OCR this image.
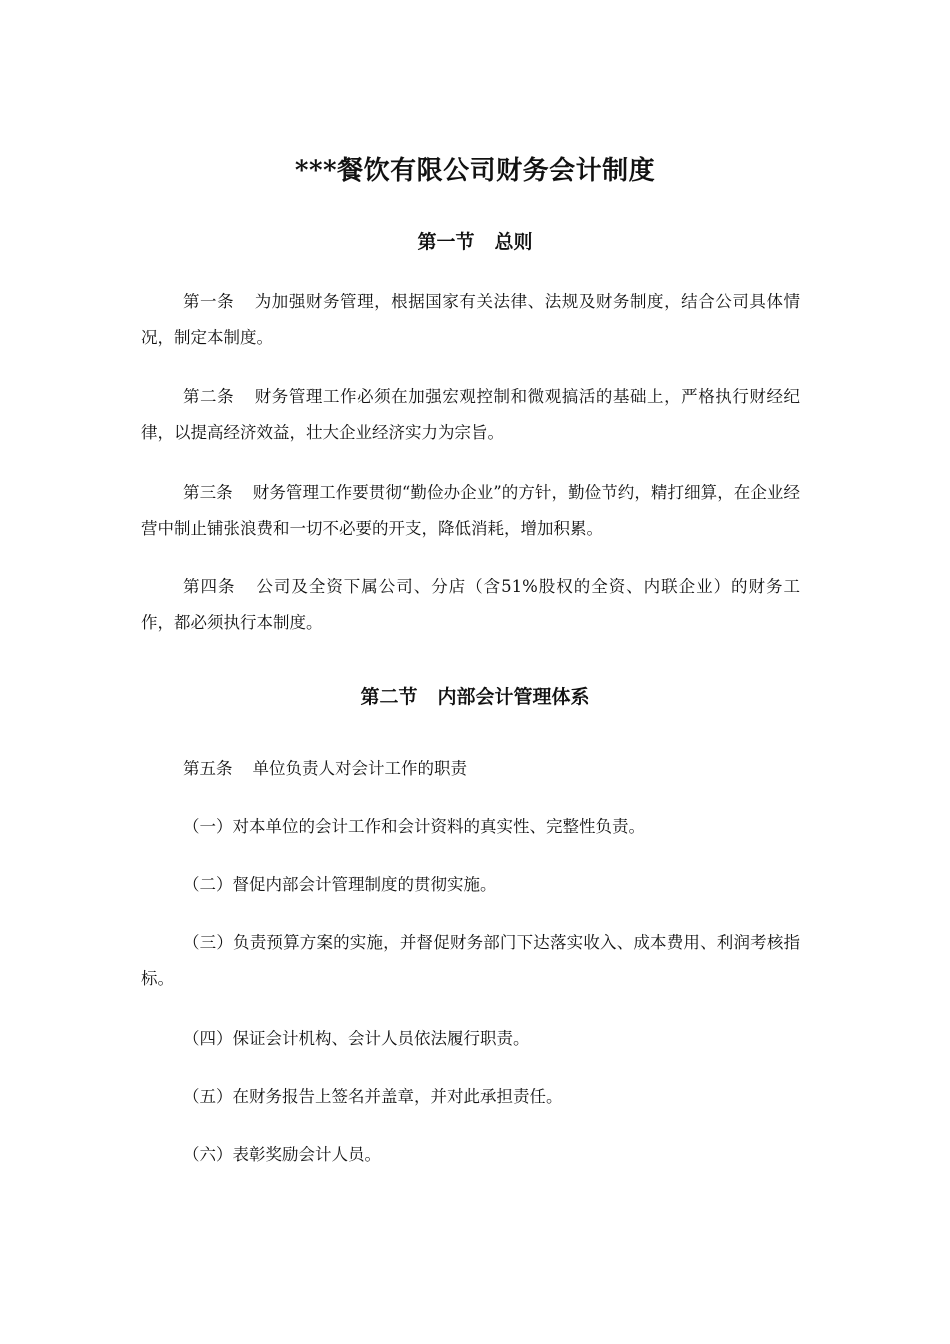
***餐饮有限公司财务会计制度
第一节 总则

第一条 为加强财务管理，根据国家有关法律、法规及财务制度，结合公司具体情况，制定本制度。

第二条 财务管理工作必须在加强宏观控制和微观搞活的基础上，严格执行财经纪律，以提高经济效益，壮大企业经济实力为宗旨。

第三条 财务管理工作要贯彻“勤俭办企业”的方针，勤俭节约，精打细算，在企业经营中制止铺张浪费和一切不必要的开支，降低消耗，增加积累。

第四条 公司及全资下属公司、分店（含51%股权的全资、内联企业）的财务工作，都必须执行本制度。

第二节 内部会计管理体系

第五条 单位负责人对会计工作的职责

（一）对本单位的会计工作和会计资料的真实性、完整性负责。

（二）督促内部会计管理制度的贯彻实施。

（三）负责预算方案的实施，并督促财务部门下达落实收入、成本费用、利润考核指标。

（四）保证会计机构、会计人员依法履行职责。

（五）在财务报告上签名并盖章，并对此承担责任。

（六）表彰奖励会计人员。
